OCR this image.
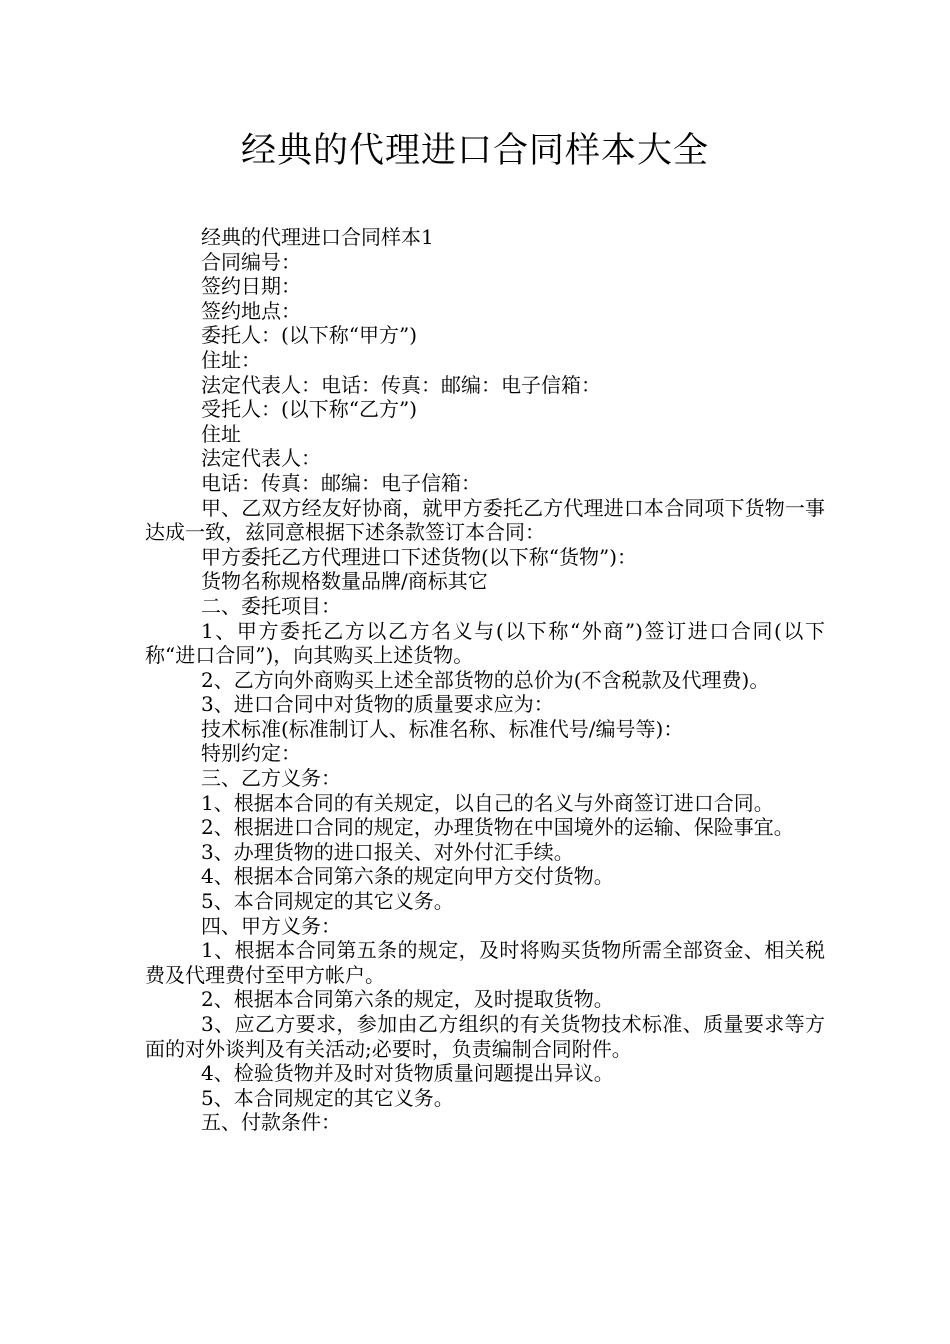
经典的代理进口合同样本大全

经典的代理进口合同样本1

合同编号：

签约日期：

签约地点：

委托人：(以下称“甲方”)

住址：

法定代表人：电话：传真：邮编：电子信箱：

受托人：(以下称“乙方”)

住址

法定代表人：

电话：传真：邮编：电子信箱：

甲、乙双方经友好协商，就甲方委托乙方代理进口本合同项下货物一事达成一致，兹同意根据下述条款签订本合同：

甲方委托乙方代理进口下述货物(以下称“货物”)：

货物名称规格数量品牌/商标其它

二、委托项目：

1、甲方委托乙方以乙方名义与(以下称“外商”)签订进口合同(以下称“进口合同”)，向其购买上述货物。

2、乙方向外商购买上述全部货物的总价为(不含税款及代理费)。

3、进口合同中对货物的质量要求应为：

技术标准(标准制订人、标准名称、标准代号/编号等)：

特别约定：

三、乙方义务：

1、根据本合同的有关规定，以自己的名义与外商签订进口合同。

2、根据进口合同的规定，办理货物在中国境外的运输、保险事宜。

3、办理货物的进口报关、对外付汇手续。

4、根据本合同第六条的规定向甲方交付货物。

5、本合同规定的其它义务。

四、甲方义务：

1、根据本合同第五条的规定，及时将购买货物所需全部资金、相关税费及代理费付至甲方帐户。

2、根据本合同第六条的规定，及时提取货物。

3、应乙方要求，参加由乙方组织的有关货物技术标准、质量要求等方面的对外谈判及有关活动;必要时，负责编制合同附件。

4、检验货物并及时对货物质量问题提出异议。

5、本合同规定的其它义务。

五、付款条件：
